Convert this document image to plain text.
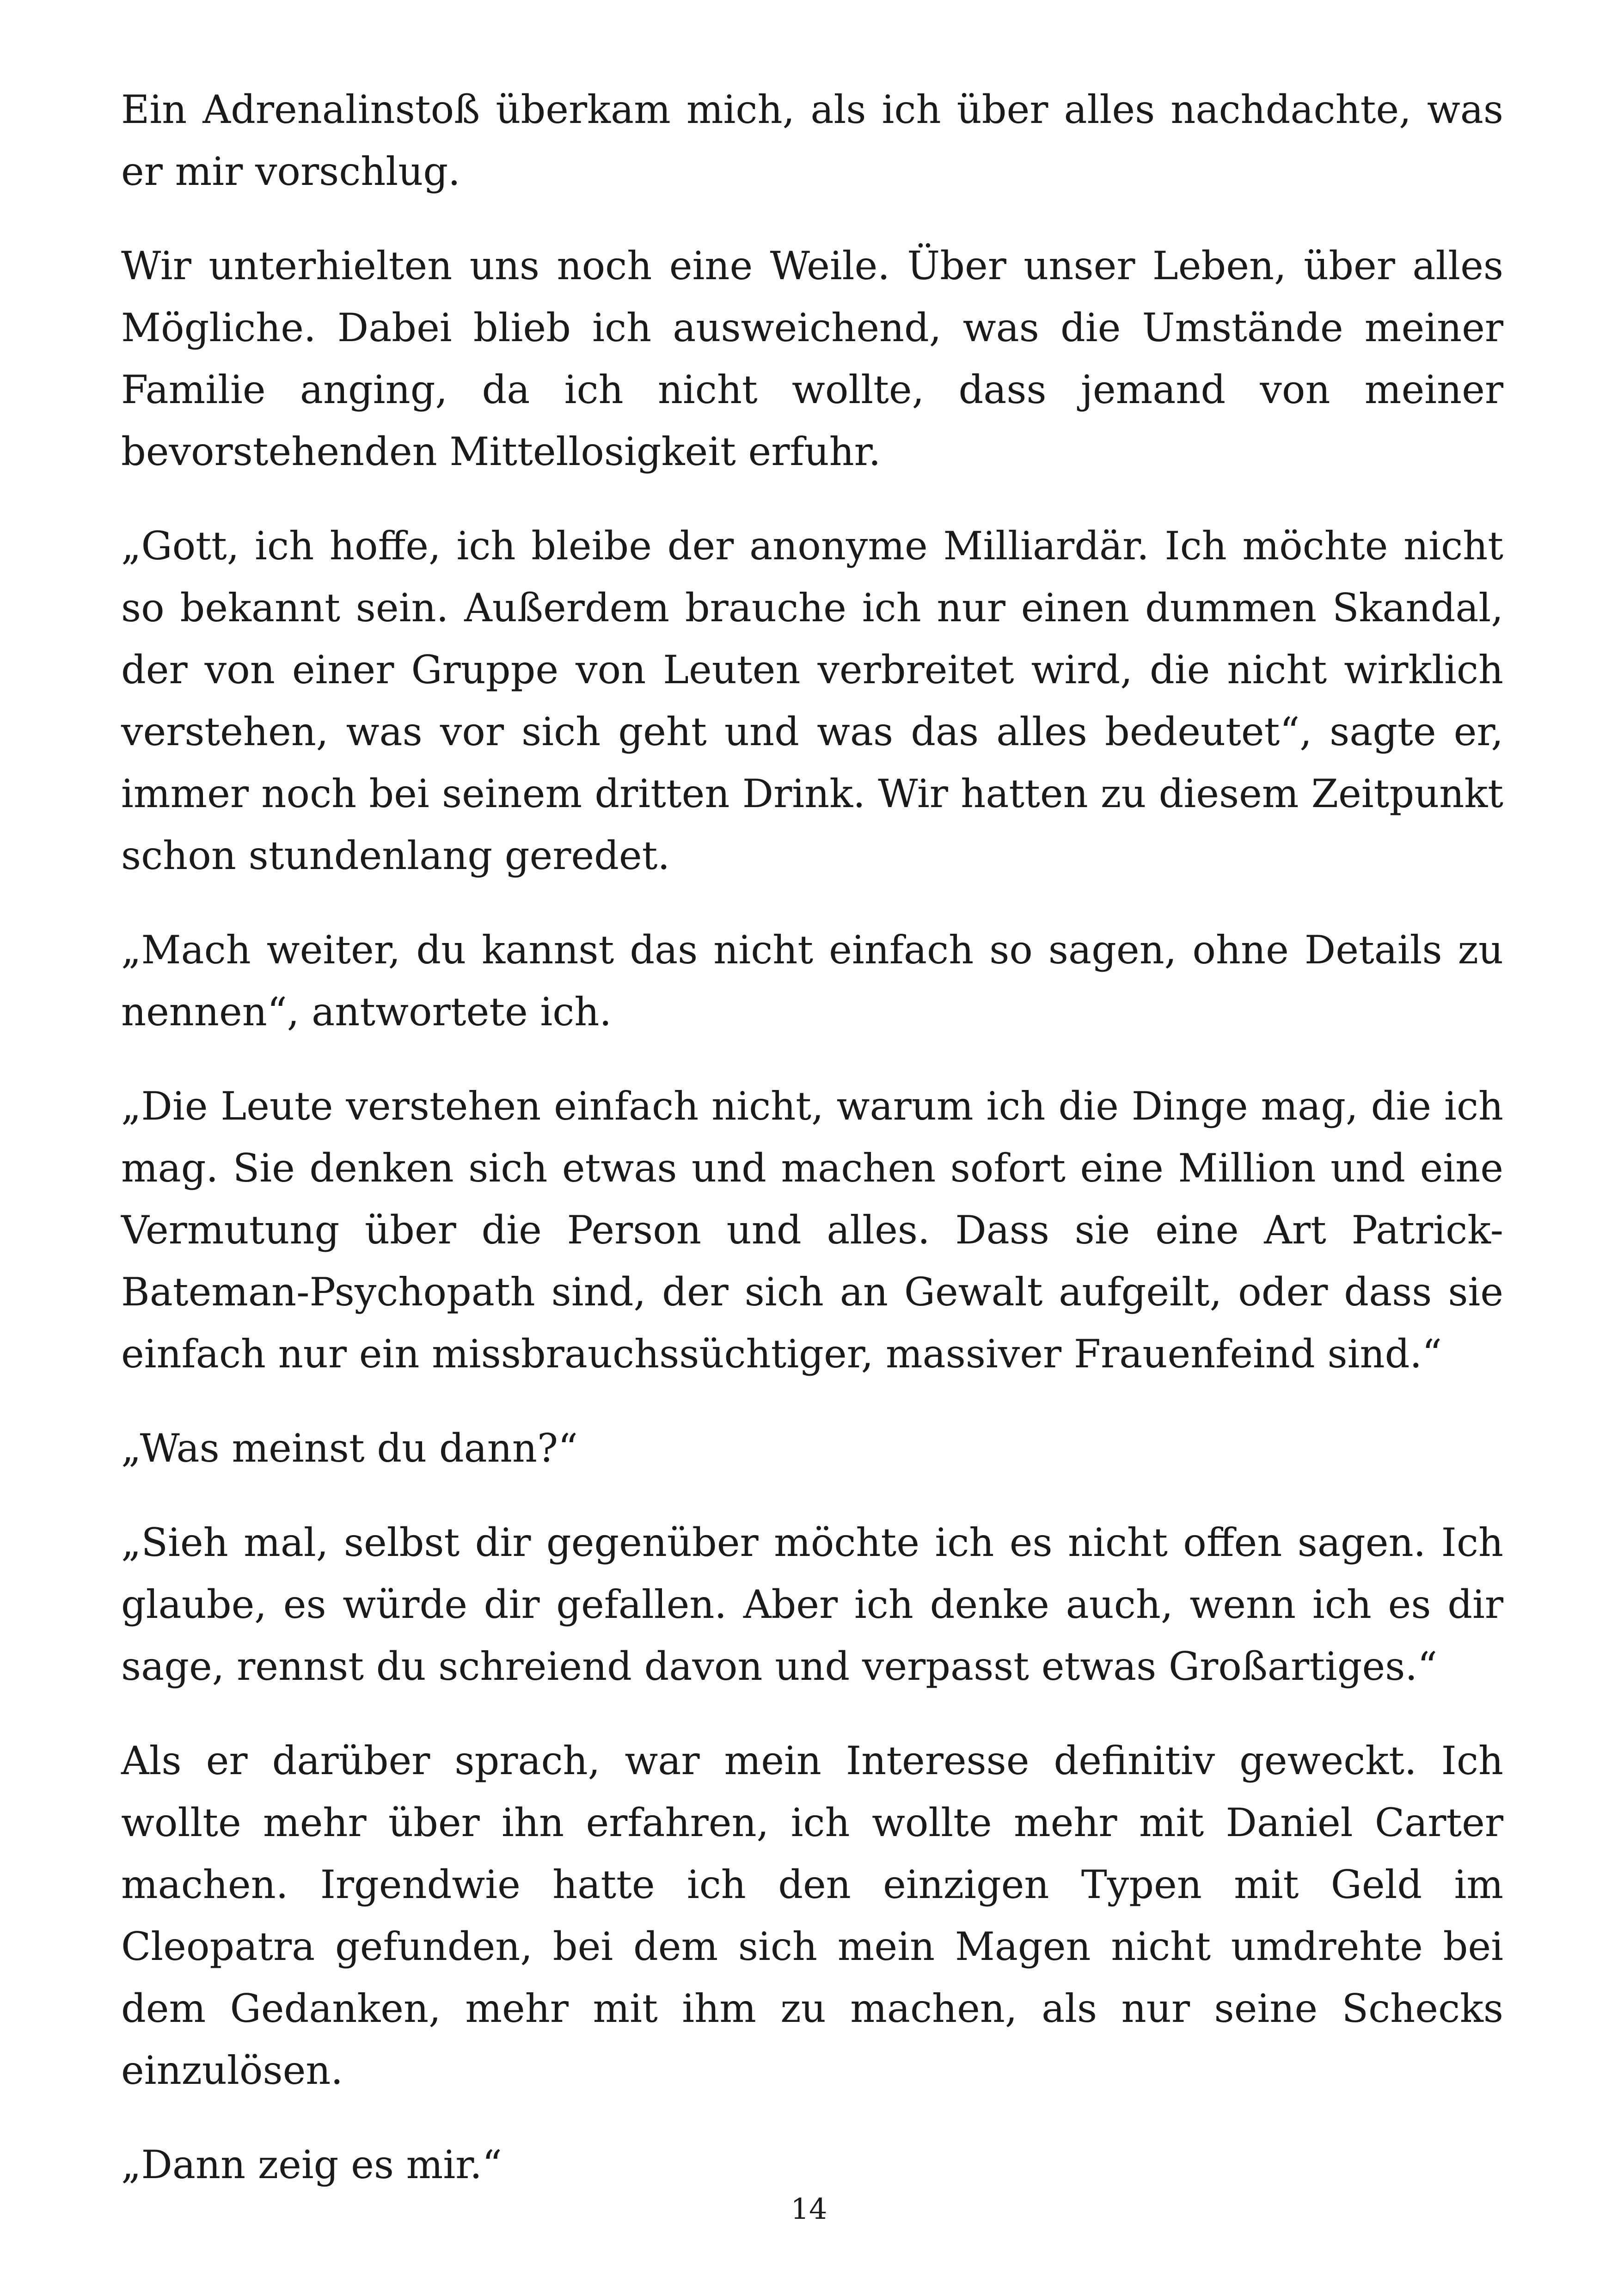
Ein Adrenalinstoß überkam mich, als ich über alles nachdachte, was er mir vorschlug.

Wir unterhielten uns noch eine Weile. Über unser Leben, über alles Mögliche. Dabei blieb ich ausweichend, was die Umstände meiner Familie anging, da ich nicht wollte, dass jemand von meiner bevorstehenden Mittellosigkeit erfuhr.

„Gott, ich hoffe, ich bleibe der anonyme Milliardär. Ich möchte nicht so bekannt sein. Außerdem brauche ich nur einen dummen Skandal, der von einer Gruppe von Leuten verbreitet wird, die nicht wirklich verstehen, was vor sich geht und was das alles bedeutet“, sagte er, immer noch bei seinem dritten Drink. Wir hatten zu diesem Zeitpunkt schon stundenlang geredet.

„Mach weiter, du kannst das nicht einfach so sagen, ohne Details zu nennen“, antwortete ich.

„Die Leute verstehen einfach nicht, warum ich die Dinge mag, die ich mag. Sie denken sich etwas und machen sofort eine Million und eine Vermutung über die Person und alles. Dass sie eine Art Patrick-Bateman-Psychopath sind, der sich an Gewalt aufgeilt, oder dass sie einfach nur ein missbrauchssüchtiger, massiver Frauenfeind sind.“

„Was meinst du dann?“

„Sieh mal, selbst dir gegenüber möchte ich es nicht offen sagen. Ich glaube, es würde dir gefallen. Aber ich denke auch, wenn ich es dir sage, rennst du schreiend davon und verpasst etwas Großartiges.“

Als er darüber sprach, war mein Interesse definitiv geweckt. Ich wollte mehr über ihn erfahren, ich wollte mehr mit Daniel Carter machen. Irgendwie hatte ich den einzigen Typen mit Geld im Cleopatra gefunden, bei dem sich mein Magen nicht umdrehte bei dem Gedanken, mehr mit ihm zu machen, als nur seine Schecks einzulösen.

„Dann zeig es mir.“

14
